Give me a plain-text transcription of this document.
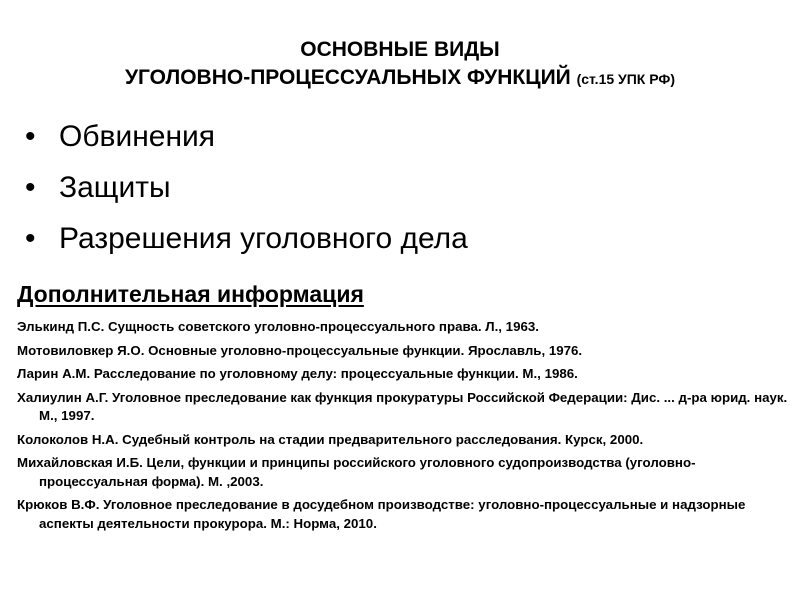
ОСНОВНЫЕ ВИДЫ
УГОЛОВНО-ПРОЦЕССУАЛЬНЫХ ФУНКЦИЙ (ст.15 УПК РФ)
• Обвинения
• Защиты
• Разрешения уголовного дела
Дополнительная информация
Элькинд П.С. Сущность советского уголовно-процессуального права. Л., 1963.
Мотовиловкер Я.О. Основные уголовно-процессуальные функции. Ярославль, 1976.
Ларин А.М. Расследование по уголовному делу: процессуальные функции. М., 1986.
Халиулин А.Г. Уголовное преследование как функция прокуратуры Российской Федерации: Дис. ... д-ра юрид. наук. М., 1997.
Колоколов Н.А. Судебный контроль на стадии предварительного расследования. Курск, 2000.
Михайловская И.Б. Цели, функции и принципы российского уголовного судопроизводства (уголовно-процессуальная форма). М. ,2003.
Крюков В.Ф. Уголовное преследование в досудебном производстве: уголовно-процессуальные и надзорные аспекты деятельности прокурора. М.: Норма, 2010.
